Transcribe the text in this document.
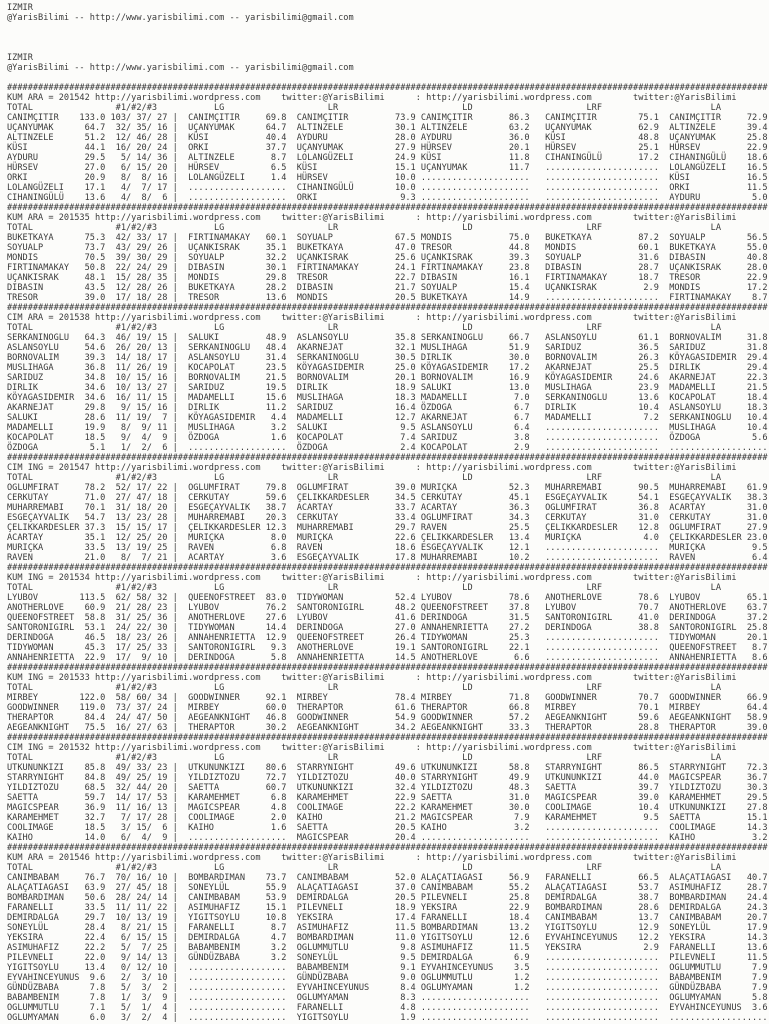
IZMIR
@YarisBilimi -- http://www.yarisbilimi.com -- yarisbilimi@gmail.com
IZMIR
@YarisBilimi -- http://www.yarisbilimi.com -- yarisbilimi@gmail.com
###################################################################################################################################################
KUM ARA = 201542 http://yarisbilimi.wordpress.com    twitter:@YarisBilimi      : http://yarisbilimi.wordpress.com        twitter:@YarisBilimi
TOTAL                #1/#2/#3           LG                    LR                        LD                      LRF                     LA
CANIMÇITIR    133.0 103/ 37/ 27 |  CANIMÇITIR     69.8  CANIMÇITIR         73.9 CANIMÇITIR       86.3   CANIMÇITIR        75.1  CANIMÇITIR     72.9
UÇANYUMAK      64.7  32/ 35/ 16 |  UÇANYUMAK      64.7  ALTINZELE          30.1 ALTINZELE        63.2   UÇANYUMAK         62.9  ALTINZELE      39.4
ALTINZELE      51.2  12/ 46/ 28 |  KÜSI           40.4  AYDURU             28.0 AYDURU           36.0   KÜSI              48.8  UÇANYUMAK      25.8
KÜSI           44.1  16/ 20/ 24 |  ORKI           37.7  UÇANYUMAK          27.9 HÜRSEV           20.1   HÜRSEV            25.1  HÜRSEV         22.9
AYDURU         29.5   5/ 14/ 36 |  ALTINZELE       8.7  LOLANGÜZELI        24.9 KÜSI             11.8   CIHANINGÜLÜ       17.2  CIHANINGÜLÜ    18.6
HÜRSEV         27.0   6/ 15/ 20 |  HÜRSEV          6.5  KÜSI               15.1 UÇANYUMAK        11.7   ......................  LOLANGÜZELI    16.5
ORKI           20.9   8/  8/ 16 |  LOLANGÜZELI     1.4  HÜRSEV             10.0 .....................   ......................  KÜSI           16.5
LOLANGÜZELI    17.1   4/  7/ 17 |  ...................  CIHANINGÜLÜ        10.0 .....................   ......................  ORKI           11.5
CIHANINGÜLÜ    13.6   4/  8/  6 |  ...................  ORKI                9.3 .....................   ......................  AYDURU          5.0
###################################################################################################################################################
KUM ARA = 201535 http://yarisbilimi.wordpress.com    twitter:@YarisBilimi      : http://yarisbilimi.wordpress.com        twitter:@YarisBilimi
TOTAL                #1/#2/#3           LG                    LR                        LD                      LRF                     LA
BUKETKAYA      75.3  42/ 33/ 17 |  FIRTINAMAKAY   60.1  SOYUALP            67.5 MONDIS           75.0   BUKETKAYA         87.2  SOYUALP        56.5
SOYUALP        73.7  43/ 29/ 26 |  UÇANKISRAK     35.1  BUKETKAYA          47.0 TRESOR           44.8   MONDIS            60.1  BUKETKAYA      55.0
MONDIS         70.5  39/ 30/ 29 |  SOYUALP        32.2  UÇANKISRAK         25.6 UÇANKISRAK       39.3   SOYUALP           31.6  DIBASIN        40.8
FIRTINAMAKAY   50.8  22/ 24/ 29 |  DIBASIN        30.1  FIRTINAMAKAY       24.1 FIRTINAMAKAY     23.8   DIBASIN           28.7  UÇANKISRAK     28.0
UÇANKISRAK     48.1  15/ 28/ 35 |  MONDIS         29.8  TRESOR             22.7 DIBASIN          16.1   FIRTINAMAKAY      18.7  TRESOR         22.9
DIBASIN        43.5  12/ 28/ 26 |  BUKETKAYA      28.2  DIBASIN            21.7 SOYUALP          15.4   UÇANKISRAK         2.9  MONDIS         17.2
TRESOR         39.0  17/ 18/ 28 |  TRESOR         13.6  MONDIS             20.5 BUKETKAYA        14.9   ......................  FIRTINAMAKAY    8.7
###################################################################################################################################################
CIM ARA = 201538 http://yarisbilimi.wordpress.com    twitter:@YarisBilimi      : http://yarisbilimi.wordpress.com        twitter:@YarisBilimi
TOTAL                #1/#2/#3           LG                    LR                        LD                      LRF                     LA
SERKANINOGLU   64.3  46/ 19/ 15 |  SALUKI         48.9  ASLANSOYLU         35.8 SERKANINOGLU     66.7   ASLANSOYLU        61.1  BORNOVALIM     31.8
ASLANSOYLU     54.6  26/ 20/ 13 |  SERKANINOGLU   48.4  AKARNEJAT          32.1 MUSLIHAGA        51.9   SARIDUZ           36.5  SARIDUZ        31.8
BORNOVALIM     39.3  14/ 18/ 17 |  ASLANSOYLU     31.4  SERKANINOGLU       30.5 DIRLIK           30.0   BORNOVALIM        26.3  KÖYAGASIDEMIR  29.4
MUSLIHAGA      36.8  11/ 26/ 19 |  KOCAPOLAT      23.5  KÖYAGASIDEMIR      25.0 KÖYAGASIDEMIR    17.2   AKARNEJAT         25.5  DIRLIK         29.4
SARIDUZ        34.8  10/ 15/ 16 |  BORNOVALIM     21.5  BORNOVALIM         20.1 BORNOVALIM       16.9   KÖYAGASIDEMIR     24.6  AKARNEJAT      22.3
DIRLIK         34.6  10/ 13/ 27 |  SARIDUZ        19.5  DIRLIK             18.9 SALUKI           13.0   MUSLIHAGA         23.9  MADAMELLI      21.5
KÖYAGASIDEMIR  34.6  16/ 11/ 15 |  MADAMELLI      15.6  MUSLIHAGA          18.3 MADAMELLI         7.0   SERKANINOGLU      13.6  KOCAPOLAT      18.4
AKARNEJAT      29.8   9/ 15/ 16 |  DIRLIK         11.2  SARIDUZ            16.4 ÖZDOGA            6.7   DIRLIK            10.4  ASLANSOYLU     18.3
SALUKI         28.6  11/ 19/  7 |  KÖYAGASIDEMIR   4.4  MADAMELLI          12.7 AKARNEJAT         6.7   MADAMELLI          7.2  SERKANINOGLU   10.4
MADAMELLI      19.9   8/  9/ 11 |  MUSLIHAGA       3.2  SALUKI              9.5 ASLANSOYLU        6.4   ......................  MUSLIHAGA      10.4
KOCAPOLAT      18.5   9/  4/  9 |  ÖZDOGA          1.6  KOCAPOLAT           7.4 SARIDUZ           3.8   ......................  ÖZDOGA          5.6
ÖZDOGA          5.1   1/  2/  6 |  ...................  ÖZDOGA              2.4 KOCAPOLAT         2.9   ......................  ...................
###################################################################################################################################################
CIM ING = 201547 http://yarisbilimi.wordpress.com    twitter:@YarisBilimi      : http://yarisbilimi.wordpress.com        twitter:@YarisBilimi
TOTAL                #1/#2/#3           LG                    LR                        LD                      LRF                     LA
OGLUMFIRAT     78.2  52/ 17/ 22 |  OGLUMFIRAT     79.8  OGLUMFIRAT         39.0 MURIÇKA          52.3   MUHARREMABI       90.5  MUHARREMABI    61.9
CERKUTAY       71.0  27/ 47/ 18 |  CERKUTAY       59.6  ÇELIKKARDESLER     34.5 CERKUTAY         45.1   ESGEÇAYVALIK      54.1  ESGEÇAYVALIK   38.3
MUHARREMABI    70.1  31/ 18/ 20 |  ESGEÇAYVALIK   38.7  ACARTAY            33.7 ACARTAY          36.3   OGLUMFIRAT        36.8  ACARTAY        31.0
ESGEÇAYVALIK   54.7  13/ 23/ 28 |  MUHARREMABI    20.3  CERKUTAY           33.4 OGLUMFIRAT       34.3   CERKUTAY          31.0  CERKUTAY       31.0
ÇELIKKARDESLER 37.3  15/ 15/ 17 |  ÇELIKKARDESLER 12.3  MUHARREMABI        29.7 RAVEN            25.5   ÇELIKKARDESLER    12.8  OGLUMFIRAT     27.9
ACARTAY        35.1  12/ 25/ 20 |  MURIÇKA         8.0  MURIÇKA            22.6 ÇELIKKARDESLER   13.4   MURIÇKA            4.0  ÇELIKKARDESLER 23.0
MURIÇKA        33.5  13/ 19/ 25 |  RAVEN           6.8  RAVEN              18.6 ESGEÇAYVALIK     12.1   ......................  MURIÇKA         9.5
RAVEN          21.0   8/  7/ 21 |  ACARTAY         3.6  ESGEÇAYVALIK       17.8 MUHARREMABI      10.2   ......................  RAVEN           6.4
###################################################################################################################################################
KUM ING = 201534 http://yarisbilimi.wordpress.com    twitter:@YarisBilimi      : http://yarisbilimi.wordpress.com        twitter:@YarisBilimi
TOTAL                #1/#2/#3           LG                    LR                        LD                      LRF                     LA
LYUBOV        113.5  62/ 58/ 32 |  QUEENOFSTREET  83.0  TIDYWOMAN          52.4 LYUBOV           78.6   ANOTHERLOVE       78.6  LYUBOV         65.1
ANOTHERLOVE    60.9  21/ 28/ 23 |  LYUBOV         76.2  SANTORONIGIRL      48.2 QUEENOFSTREET    37.8   LYUBOV            70.7  ANOTHERLOVE    63.7
QUEENOFSTREET  58.8  31/ 25/ 36 |  ANOTHERLOVE    27.6  LYUBOV             41.6 DERINDOGA        31.5   SANTORONIGIRL     41.0  DERINDOGA      37.2
SANTORONIGIRL  53.1  24/ 22/ 30 |  TIDYWOMAN      14.4  DERINDOGA          27.0 ANNAHENRIETTA    27.2   DERINDOGA         38.8  SANTORONIGIRL  25.8
DERINDOGA      46.5  18/ 23/ 26 |  ANNAHENRIETTA  12.9  QUEENOFSTREET      26.4 TIDYWOMAN        25.3   ......................  TIDYWOMAN      20.1
TIDYWOMAN      45.3  17/ 25/ 33 |  SANTORONIGIRL   9.3  ANOTHERLOVE        19.1 SANTORONIGIRL    22.1   ......................  QUEENOFSTREET   8.7
ANNAHENRIETTA  22.9  17/  9/ 10 |  DERINDOGA       5.8  ANNAHENRIETTA      14.5 ANOTHERLOVE       6.6   ......................  ANNAHENRIETTA   8.6
###################################################################################################################################################
KUM ING = 201533 http://yarisbilimi.wordpress.com    twitter:@YarisBilimi      : http://yarisbilimi.wordpress.com        twitter:@YarisBilimi
TOTAL                #1/#2/#3           LG                    LR                        LD                      LRF                     LA
MIRBEY        122.0  58/ 60/ 34 |  GOODWINNER     92.1  MIRBEY             78.4 MIRBEY           71.8   GOODWINNER        70.7  GOODWINNER     66.9
GOODWINNER    119.0  73/ 37/ 24 |  MIRBEY         60.0  THERAPTOR          61.6 THERAPTOR        66.8   MIRBEY            70.1  MIRBEY         64.4
THERAPTOR      84.4  24/ 47/ 50 |  AEGEANKNIGHT   46.8  GOODWINNER         54.9 GOODWINNER       57.2   AEGEANKNIGHT      59.6  AEGEANKNIGHT   58.9
AEGEANKNIGHT   75.5  16/ 27/ 63 |  THERAPTOR      30.2  AEGEANKNIGHT       34.2 AEGEANKNIGHT     33.3   THERAPTOR         28.8  THERAPTOR      39.0
###################################################################################################################################################
CIM ING = 201532 http://yarisbilimi.wordpress.com    twitter:@YarisBilimi      : http://yarisbilimi.wordpress.com        twitter:@YarisBilimi
TOTAL                #1/#2/#3           LG                    LR                        LD                      LRF                     LA
UTKUNUNKIZI    85.8  49/ 33/ 23 |  UTKUNUNKIZI    80.6  STARRYNIGHT        49.6 UTKUNUNKIZI      58.8   STARRYNIGHT       86.5  STARRYNIGHT    72.3
STARRYNIGHT    84.8  49/ 25/ 19 |  YILDIZTOZU     72.7  YILDIZTOZU         40.0 STARRYNIGHT      49.9   UTKUNUNKIZI       44.0  MAGICSPEAR     36.7
YILDIZTOZU     68.5  32/ 44/ 20 |  SAETTA         60.7  UTKUNUNKIZI        32.4 YILDIZTOZU       48.3   SAETTA            39.7  YILDIZTOZU     30.3
SAETTA         59.7  14/ 17/ 53 |  KARAMEHMET      6.8  KARAMEHMET         22.9 SAETTA           31.0   MAGICSPEAR        39.0  KARAMEHMET     29.5
MAGICSPEAR     36.9  11/ 16/ 13 |  MAGICSPEAR      4.8  COOLIMAGE          22.2 KARAMEHMET       30.0   COOLIMAGE         10.4  UTKUNUNKIZI    27.8
KARAMEHMET     32.7   7/ 17/ 28 |  COOLIMAGE       2.0  KAIHO              21.2 MAGICSPEAR        7.9   KARAMEHMET         9.5  SAETTA         15.1
COOLIMAGE      18.5   3/ 15/  6 |  KAIHO           1.6  SAETTA             20.5 KAIHO             3.2   ......................  COOLIMAGE      14.3
KAIHO          14.0   6/  4/  9 |  ...................  MAGICSPEAR         20.4 .....................   ......................  KAIHO           3.2
###################################################################################################################################################
KUM ARA = 201546 http://yarisbilimi.wordpress.com    twitter:@YarisBilimi      : http://yarisbilimi.wordpress.com        twitter:@YarisBilimi
TOTAL                #1/#2/#3           LG                    LR                        LD                      LRF                     LA
CANIMBABAM     76.7  70/ 16/ 10 |  BOMBARDIMAN    73.7  CANIMBABAM         52.0 ALAÇATIAGASI     56.9   FARANELLI         66.5  ALAÇATIAGASI   40.7
ALAÇATIAGASI   63.9  27/ 45/ 18 |  SONEYLÜL       55.9  ALAÇATIAGASI       37.0 CANIMBABAM       55.2   ALAÇATIAGASI      53.7  ASIMUHAFIZ     28.7
BOMBARDIMAN    50.6  28/ 24/ 14 |  CANIMBABAM     53.9  DEMIRDALGA         20.5 PILEVNELI        25.8   DEMIRDALGA        38.7  BOMBARDIMAN    24.4
FARANELLI      33.5  11/ 11/ 22 |  ASIMUHAFIZ     15.1  PILEVNELI          18.9 YEKSIRA          22.9   BOMBARDIMAN       28.6  DEMIRDALGA     24.3
DEMIRDALGA     29.7  10/ 13/ 19 |  YIGITSOYLU     10.8  YEKSIRA            17.4 FARANELLI        18.4   CANIMBABAM        13.7  CANIMBABAM     20.7
SONEYLÜL       28.4   8/ 21/ 15 |  FARANELLI       8.7  ASIMUHAFIZ         11.5 BOMBARDIMAN      13.2   YIGITSOYLU        12.9  SONEYLÜL       17.9
YEKSIRA        22.4   6/ 15/ 15 |  DEMIRDALGA      4.7  BOMBARDIMAN        11.0 YIGITSOYLU       12.6   EYVAHINCEYUNUS    12.2  YEKSIRA        14.3
ASIMUHAFIZ     22.2   5/  7/ 25 |  BABAMBENIM      3.2  OGLUMMUTLU          9.8 ASIMUHAFIZ       11.5   YEKSIRA            2.9  FARANELLI      13.6
PILEVNELI      22.0   9/ 14/ 13 |  GÜNDÜZBABA      3.2  SONEYLÜL            9.5 DEMIRDALGA        6.9   ......................  PILEVNELI      11.5
YIGITSOYLU     13.4   0/ 12/ 10 |  ...................  BABAMBENIM          9.1 EYVAHINCEYUNUS    3.5   ......................  OGLUMMUTLU      7.9
EYVAHINCEYUNUS  9.6   2/  3/ 10 |  ...................  GÜNDÜZBABA          9.0 OGLUMMUTLU        1.2   ......................  BABAMBENIM      7.9
GÜNDÜZBABA      7.8   5/  3/  2 |  ...................  EYVAHINCEYUNUS      8.4 OGLUMYAMAN        1.2   ......................  GÜNDÜZBABA      7.9
BABAMBENIM      7.8   1/  3/  9 |  ...................  OGLUMYAMAN          8.3 .....................   ......................  OGLUMYAMAN      5.8
OGLUMMUTLU      7.1   5/  1/  4 |  ...................  FARANELLI           4.8 .....................   ......................  EYVAHINCEYUNUS  3.6
OGLUMYAMAN      6.0   3/  2/  4 |  ...................  YIGITSOYLU          1.9 .....................   ......................  ...................
